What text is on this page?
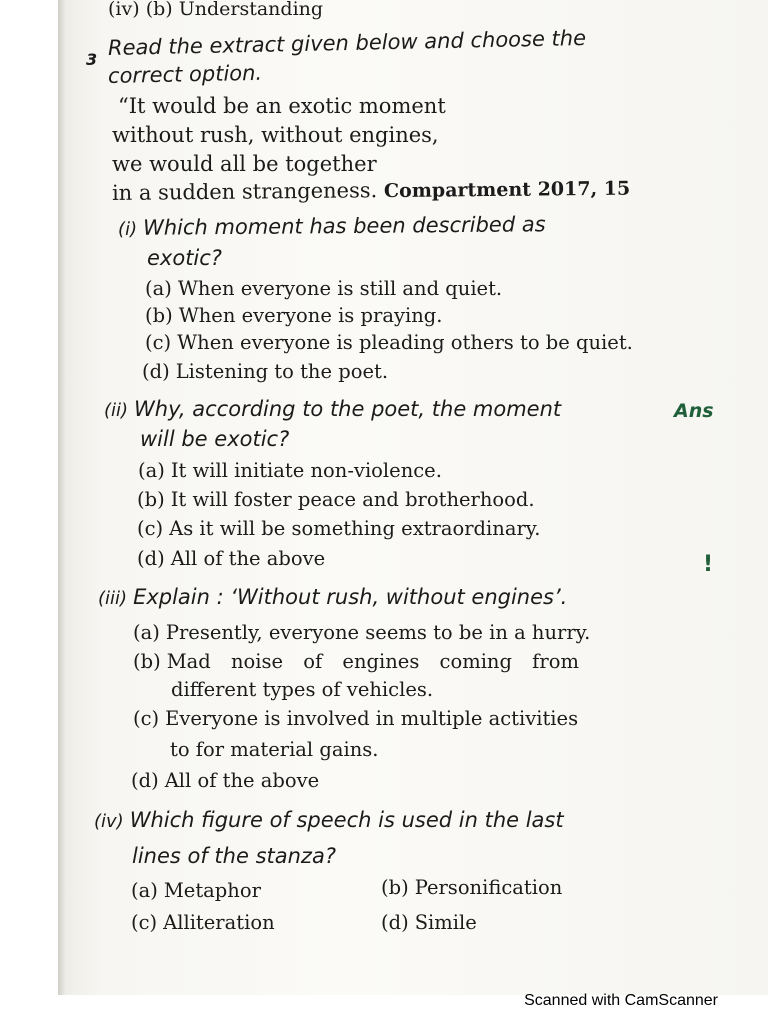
(iv) (b) Understanding
3 Read the extract given below and choose the
correct option.
“It would be an exotic moment
without rush, without engines,
we would all be together
in a sudden strangeness. Compartment 2017, 15
(i) Which moment has been described as
exotic?
(a) When everyone is still and quiet.
(b) When everyone is praying.
(c) When everyone is pleading others to be quiet.
(d) Listening to the poet.
(ii) Why, according to the poet, the moment
will be exotic?
Ans
(a) It will initiate non-violence.
(b) It will foster peace and brotherhood.
(c) As it will be something extraordinary.
(d) All of the above	!
(iii) Explain : ‘Without rush, without engines’.
(a) Presently, everyone seems to be in a hurry.
(b) Mad noise of engines coming from
different types of vehicles.
(c) Everyone is involved in multiple activities
to for material gains.
(d) All of the above
(iv) Which figure of speech is used in the last
lines of the stanza?
(a) Metaphor	(b) Personification
(c) Alliteration	(d) Simile
Scanned with CamScanner
